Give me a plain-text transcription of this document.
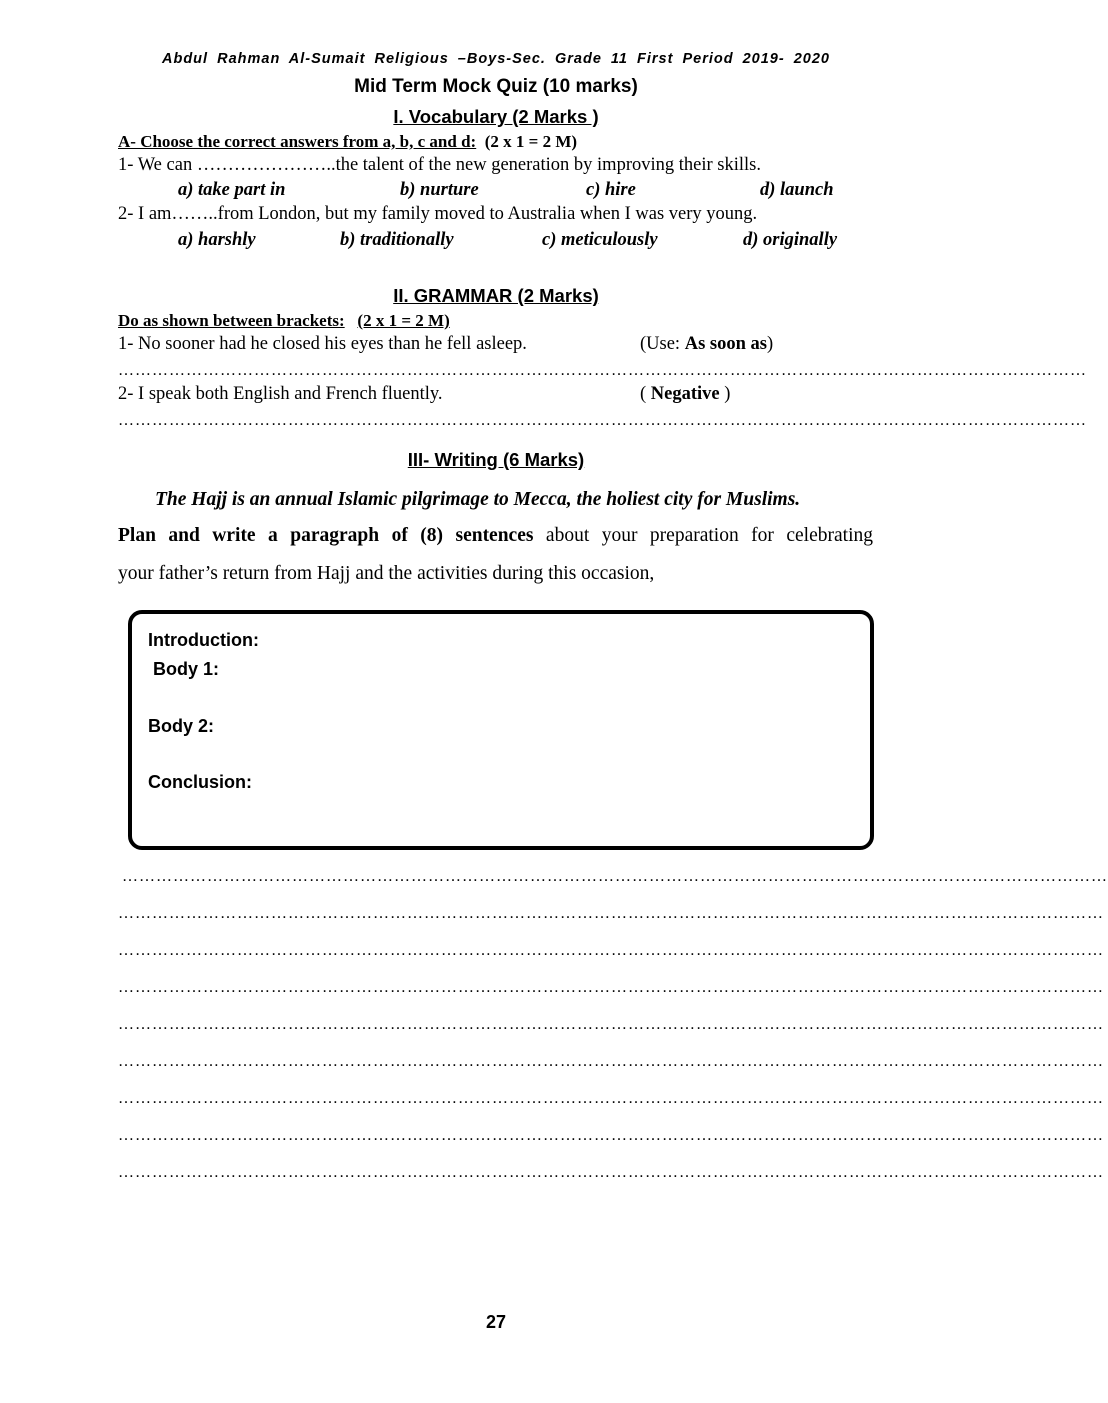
Abdul Rahman Al-Sumait Religious –Boys-Sec. Grade 11 First Period 2019- 2020
Mid Term Mock Quiz (10 marks)
I. Vocabulary (2 Marks )
A- Choose the correct answers from a, b, c and d: (2 x 1 = 2 M)
1- We can …………………..the talent of the new generation by improving their skills.
a) take part in	b) nurture	c) hire	d) launch
2- I am……..from London, but my family moved to Australia when I was very young.
a) harshly	b) traditionally	c) meticulously	d) originally
II. GRAMMAR (2 Marks)
Do as shown between brackets: (2 x 1 = 2 M)
1- No sooner had he closed his eyes than he fell asleep.	(Use: As soon as)
………………………………………………………………………………………………………………………………………………………
2- I speak both English and French fluently.	( Negative )
………………………………………………………………………………………………………………………………………………………
III- Writing (6 Marks)
The Hajj is an annual Islamic pilgrimage to Mecca, the holiest city for Muslims.
Plan and write a paragraph of (8) sentences about your preparation for celebrating
your father’s return from Hajj and the activities during this occasion,
Introduction:
Body 1:
Body 2:
Conclusion:
…………………………………………………………………………………………………………………………………………………………
…………………………………………………………………………………………………………………………………………………………
…………………………………………………………………………………………………………………………………………………………
…………………………………………………………………………………………………………………………………………………………
…………………………………………………………………………………………………………………………………………………………
…………………………………………………………………………………………………………………………………………………………
…………………………………………………………………………………………………………………………………………………………
…………………………………………………………………………………………………………………………………………………………
…………………………………………………………………………………………………………………………………………………………
27
